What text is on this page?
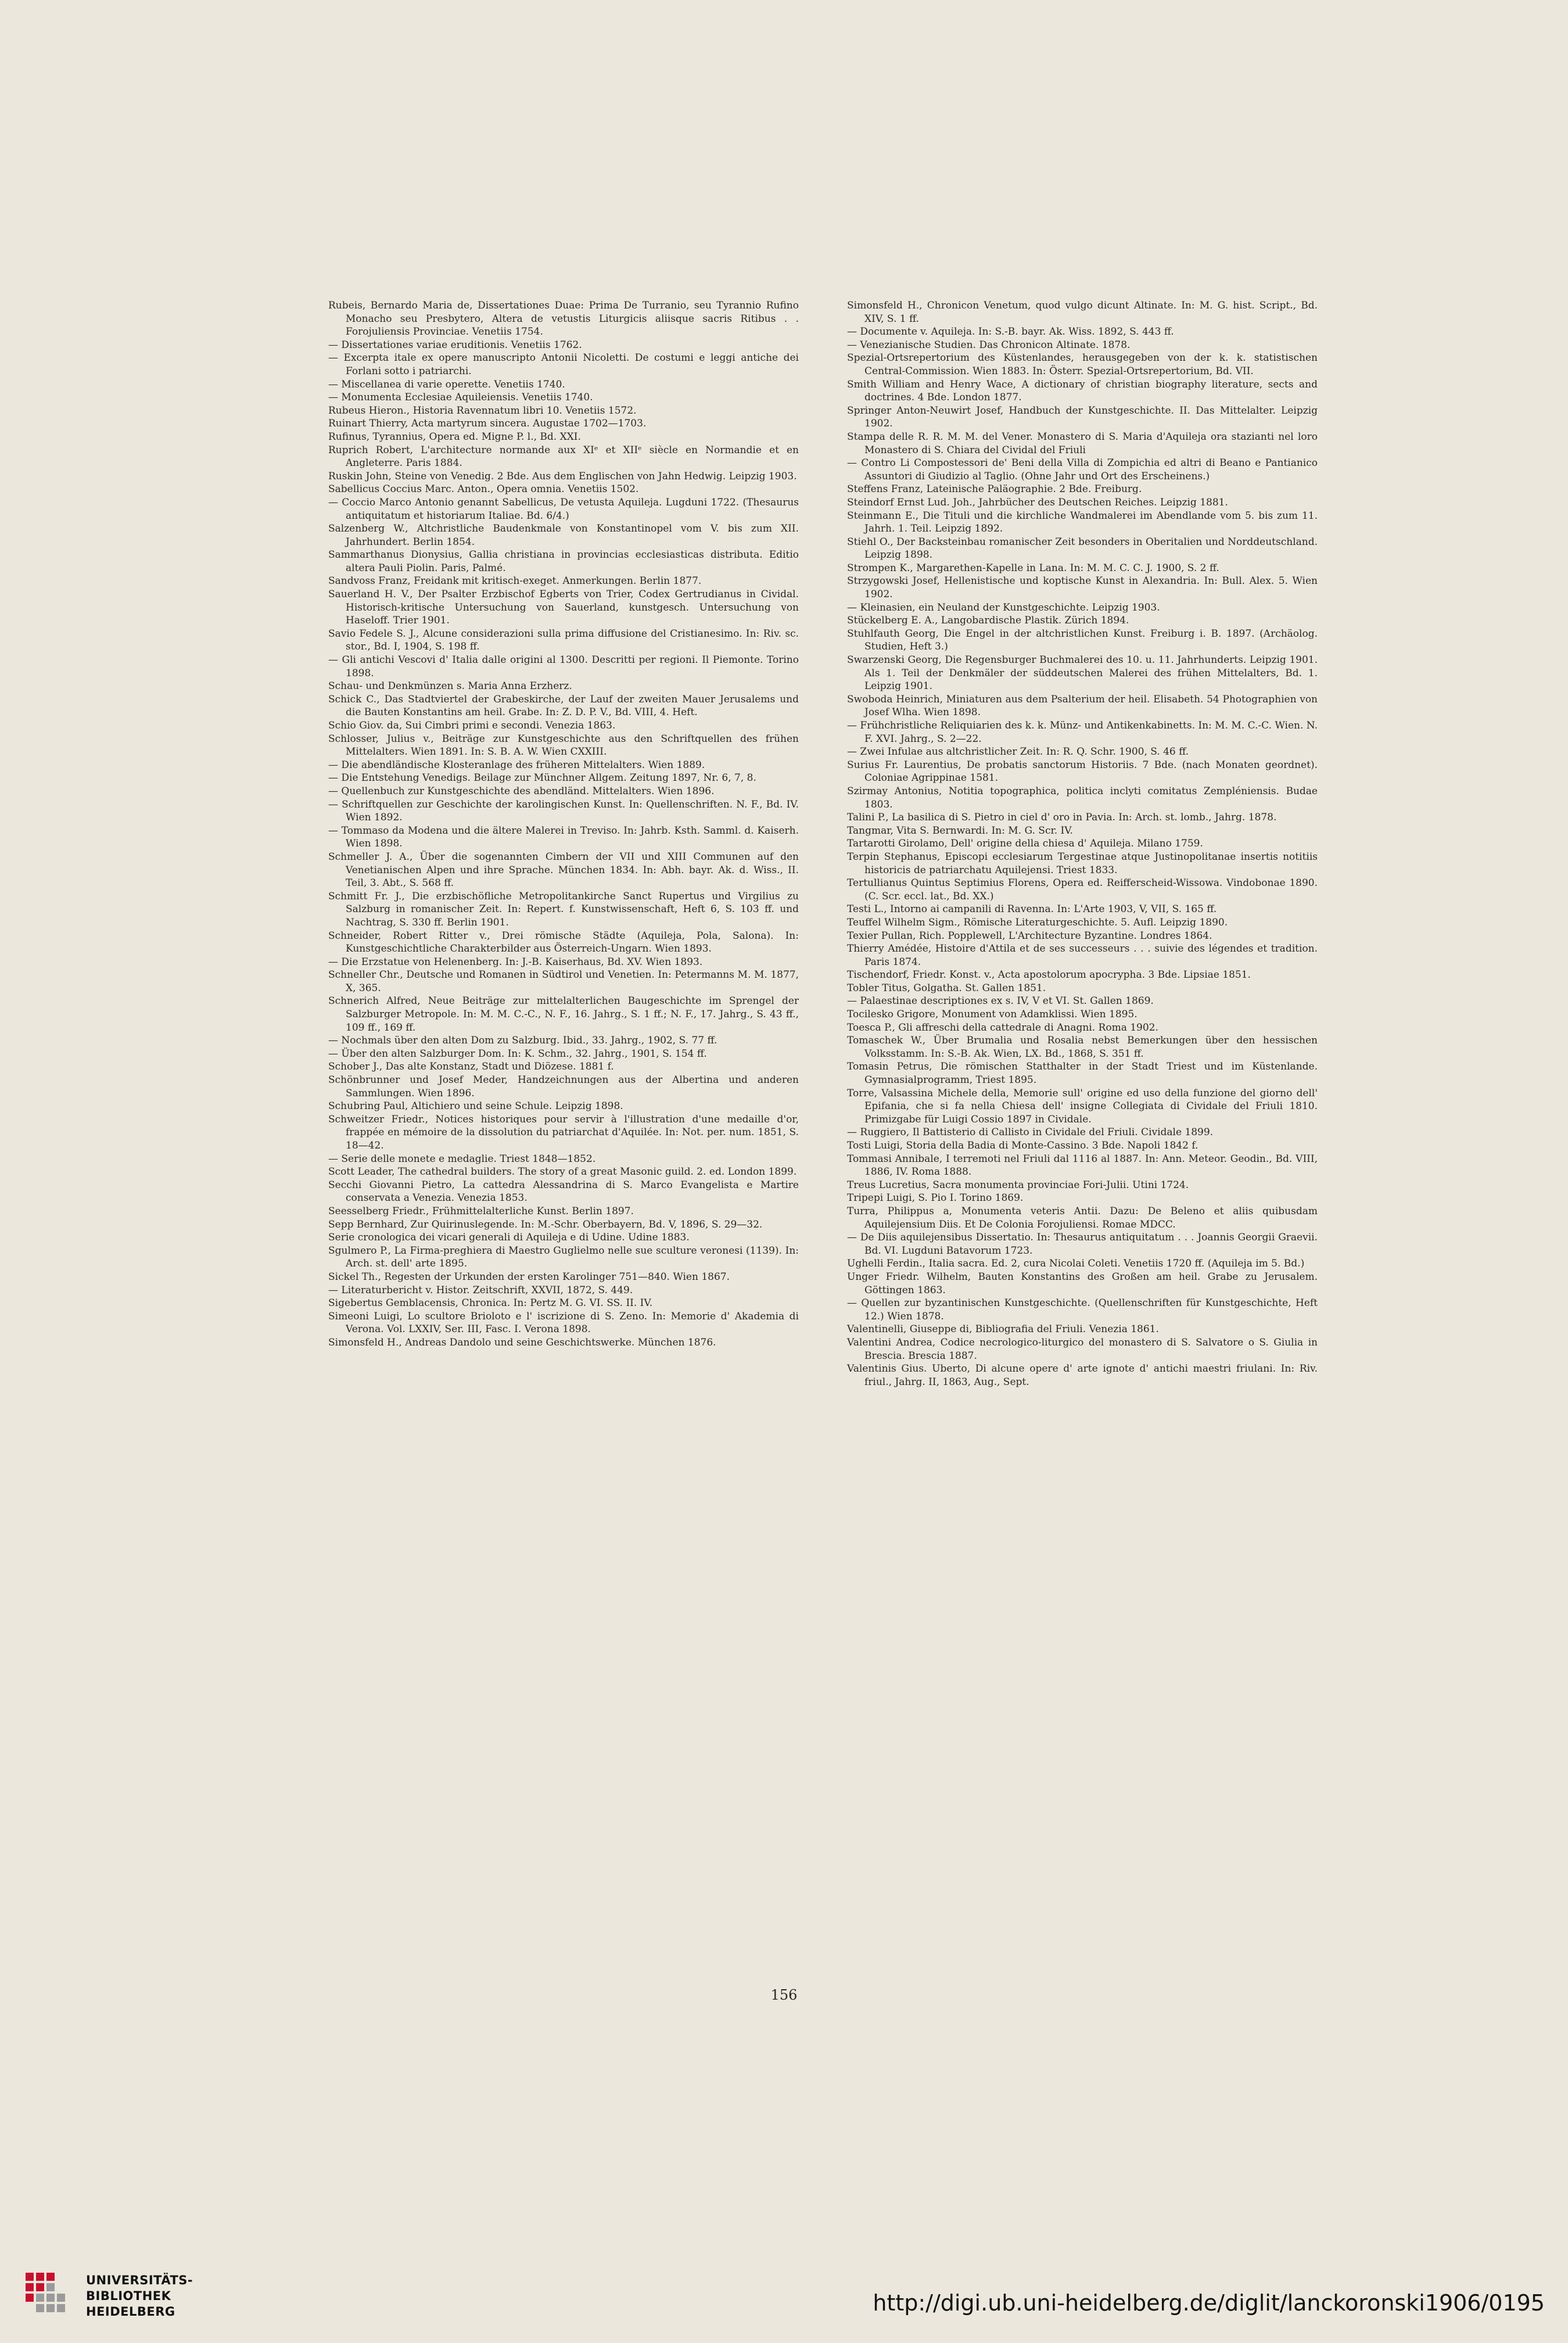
Rubeis, Bernardo Maria de, Dissertationes Duae: Prima De Turranio, seu Tyrannio Rufino Monacho seu Presbytero, Altera de vetustis Liturgicis aliisque sacris Ritibus . . Forojuliensis Provinciae. Venetiis 1754.

— Dissertationes variae eruditionis. Venetiis 1762.

— Excerpta itale ex opere manuscripto Antonii Nicoletti. De costumi e leggi antiche dei Forlani sotto i patriarchi.

— Miscellanea di varie operette. Venetiis 1740.

— Monumenta Ecclesiae Aquileiensis. Venetiis 1740.

Rubeus Hieron., Historia Ravennatum libri 10. Venetiis 1572.

Ruinart Thierry, Acta martyrum sincera. Augustae 1702—1703.

Rufinus, Tyrannius, Opera ed. Migne P. l., Bd. XXI.

Ruprich Robert, L'architecture normande aux XIᵉ et XIIᵉ siècle en Normandie et en Angleterre. Paris 1884.

Ruskin John, Steine von Venedig. 2 Bde. Aus dem Englischen von Jahn Hedwig. Leipzig 1903.

Sabellicus Coccius Marc. Anton., Opera omnia. Venetiis 1502.

— Coccio Marco Antonio genannt Sabellicus, De vetusta Aquileja. Lugduni 1722. (Thesaurus antiquitatum et historiarum Italiae. Bd. 6/4.)

Salzenberg W., Altchristliche Baudenkmale von Konstantinopel vom V. bis zum XII. Jahrhundert. Berlin 1854.

Sammarthanus Dionysius, Gallia christiana in provincias ecclesiasticas distributa. Editio altera Pauli Piolin. Paris, Palmé.

Sandvoss Franz, Freidank mit kritisch-exeget. Anmerkungen. Berlin 1877.

Sauerland H. V., Der Psalter Erzbischof Egberts von Trier, Codex Gertrudianus in Cividal. Historisch-kritische Untersuchung von Sauerland, kunstgesch. Untersuchung von Haseloff. Trier 1901.

Savio Fedele S. J., Alcune considerazioni sulla prima diffusione del Cristianesimo. In: Riv. sc. stor., Bd. I, 1904, S. 198 ff.

— Gli antichi Vescovi d' Italia dalle origini al 1300. Descritti per regioni. Il Piemonte. Torino 1898.

Schau- und Denkmünzen s. Maria Anna Erzherz.

Schick C., Das Stadtviertel der Grabeskirche, der Lauf der zweiten Mauer Jerusalems und die Bauten Konstantins am heil. Grabe. In: Z. D. P. V., Bd. VIII, 4. Heft.

Schio Giov. da, Sui Cimbri primi e secondi. Venezia 1863.

Schlosser, Julius v., Beiträge zur Kunstgeschichte aus den Schriftquellen des frühen Mittelalters. Wien 1891. In: S. B. A. W. Wien CXXIII.

— Die abendländische Klosteranlage des früheren Mittelalters. Wien 1889.

— Die Entstehung Venedigs. Beilage zur Münchner Allgem. Zeitung 1897, Nr. 6, 7, 8.

— Quellenbuch zur Kunstgeschichte des abendländ. Mittelalters. Wien 1896.

— Schriftquellen zur Geschichte der karolingischen Kunst. In: Quellenschriften. N. F., Bd. IV. Wien 1892.

— Tommaso da Modena und die ältere Malerei in Treviso. In: Jahrb. Ksth. Samml. d. Kaiserh. Wien 1898.

Schmeller J. A., Über die sogenannten Cimbern der VII und XIII Communen auf den Venetianischen Alpen und ihre Sprache. München 1834. In: Abh. bayr. Ak. d. Wiss., II. Teil, 3. Abt., S. 568 ff.

Schmitt Fr. J., Die erzbischöfliche Metropolitankirche Sanct Rupertus und Virgilius zu Salzburg in romanischer Zeit. In: Repert. f. Kunstwissenschaft, Heft 6, S. 103 ff. und Nachtrag, S. 330 ff. Berlin 1901.

Schneider, Robert Ritter v., Drei römische Städte (Aquileja, Pola, Salona). In: Kunstgeschichtliche Charakterbilder aus Österreich-Ungarn. Wien 1893.

— Die Erzstatue von Helenenberg. In: J.-B. Kaiserhaus, Bd. XV. Wien 1893.

Schneller Chr., Deutsche und Romanen in Südtirol und Venetien. In: Petermanns M. M. 1877, X, 365.

Schnerich Alfred, Neue Beiträge zur mittelalterlichen Baugeschichte im Sprengel der Salzburger Metropole. In: M. M. C.-C., N. F., 16. Jahrg., S. 1 ff.; N. F., 17. Jahrg., S. 43 ff., 109 ff., 169 ff.

— Nochmals über den alten Dom zu Salzburg. Ibid., 33. Jahrg., 1902, S. 77 ff.

— Über den alten Salzburger Dom. In: K. Schm., 32. Jahrg., 1901, S. 154 ff.

Schober J., Das alte Konstanz, Stadt und Diözese. 1881 f.

Schönbrunner und Josef Meder, Handzeichnungen aus der Albertina und anderen Sammlungen. Wien 1896.

Schubring Paul, Altichiero und seine Schule. Leipzig 1898.

Schweitzer Friedr., Notices historiques pour servir à l'illustration d'une medaille d'or, frappée en mémoire de la dissolution du patriarchat d'Aquilée. In: Not. per. num. 1851, S. 18—42.

— Serie delle monete e medaglie. Triest 1848—1852.

Scott Leader, The cathedral builders. The story of a great Masonic guild. 2. ed. London 1899.

Secchi Giovanni Pietro, La cattedra Alessandrina di S. Marco Evangelista e Martire conservata a Venezia. Venezia 1853.

Seesselberg Friedr., Frühmittelalterliche Kunst. Berlin 1897.

Sepp Bernhard, Zur Quirinuslegende. In: M.-Schr. Oberbayern, Bd. V, 1896, S. 29—32.

Serie cronologica dei vicari generali di Aquileja e di Udine. Udine 1883.

Sgulmero P., La Firma-preghiera di Maestro Guglielmo nelle sue sculture veronesi (1139). In: Arch. st. dell' arte 1895.

Sickel Th., Regesten der Urkunden der ersten Karolinger 751—840. Wien 1867.

— Literaturbericht v. Histor. Zeitschrift, XXVII, 1872, S. 449.

Sigebertus Gemblacensis, Chronica. In: Pertz M. G. VI. SS. II. IV.

Simeoni Luigi, Lo scultore Brioloto e l' iscrizione di S. Zeno. In: Memorie d' Akademia di Verona. Vol. LXXIV, Ser. III, Fasc. I. Verona 1898.

Simonsfeld H., Andreas Dandolo und seine Geschichtswerke. München 1876.

Simonsfeld H., Chronicon Venetum, quod vulgo dicunt Altinate. In: M. G. hist. Script., Bd. XIV, S. 1 ff.

— Documente v. Aquileja. In: S.-B. bayr. Ak. Wiss. 1892, S. 443 ff.

— Venezianische Studien. Das Chronicon Altinate. 1878.

Spezial-Ortsrepertorium des Küstenlandes, herausgegeben von der k. k. statistischen Central-Commission. Wien 1883. In: Österr. Spezial-Ortsrepertorium, Bd. VII.

Smith William and Henry Wace, A dictionary of christian biography literature, sects and doctrines. 4 Bde. London 1877.

Springer Anton-Neuwirt Josef, Handbuch der Kunstgeschichte. II. Das Mittelalter. Leipzig 1902.

Stampa delle R. R. M. M. del Vener. Monastero di S. Maria d'Aquileja ora stazianti nel loro Monastero di S. Chiara del Cividal del Friuli

— Contro Li Compostessori de' Beni della Villa di Zompichia ed altri di Beano e Pantianico Assuntori di Giudizio al Taglio. (Ohne Jahr und Ort des Erscheinens.)

Steffens Franz, Lateinische Paläographie. 2 Bde. Freiburg.

Steindorf Ernst Lud. Joh., Jahrbücher des Deutschen Reiches. Leipzig 1881.

Steinmann E., Die Tituli und die kirchliche Wandmalerei im Abendlande vom 5. bis zum 11. Jahrh. 1. Teil. Leipzig 1892.

Stiehl O., Der Backsteinbau romanischer Zeit besonders in Oberitalien und Norddeutschland. Leipzig 1898.

Strompen K., Margarethen-Kapelle in Lana. In: M. M. C. C. J. 1900, S. 2 ff.

Strzygowski Josef, Hellenistische und koptische Kunst in Alexandria. In: Bull. Alex. 5. Wien 1902.

— Kleinasien, ein Neuland der Kunstgeschichte. Leipzig 1903.

Stückelberg E. A., Langobardische Plastik. Zürich 1894.

Stuhlfauth Georg, Die Engel in der altchristlichen Kunst. Freiburg i. B. 1897. (Archäolog. Studien, Heft 3.)

Swarzenski Georg, Die Regensburger Buchmalerei des 10. u. 11. Jahrhunderts. Leipzig 1901. Als 1. Teil der Denkmäler der süddeutschen Malerei des frühen Mittelalters, Bd. 1. Leipzig 1901.

Swoboda Heinrich, Miniaturen aus dem Psalterium der heil. Elisabeth. 54 Photographien von Josef Wlha. Wien 1898.

— Frühchristliche Reliquiarien des k. k. Münz- und Antikenkabinetts. In: M. M. C.-C. Wien. N. F. XVI. Jahrg., S. 2—22.

— Zwei Infulae aus altchristlicher Zeit. In: R. Q. Schr. 1900, S. 46 ff.

Surius Fr. Laurentius, De probatis sanctorum Historiis. 7 Bde. (nach Monaten geordnet). Coloniae Agrippinae 1581.

Szirmay Antonius, Notitia topographica, politica inclyti comitatus Zempléniensis. Budae 1803.

Talini P., La basilica di S. Pietro in ciel d' oro in Pavia. In: Arch. st. lomb., Jahrg. 1878.

Tangmar, Vita S. Bernwardi. In: M. G. Scr. IV.

Tartarotti Girolamo, Dell' origine della chiesa d' Aquileja. Milano 1759.

Terpin Stephanus, Episcopi ecclesiarum Tergestinae atque Justinopolitanae insertis notitiis historicis de patriarchatu Aquilejensi. Triest 1833.

Tertullianus Quintus Septimius Florens, Opera ed. Reifferscheid-Wissowa. Vindobonae 1890. (C. Scr. eccl. lat., Bd. XX.)

Testi L., Intorno ai campanili di Ravenna. In: L'Arte 1903, V, VII, S. 165 ff.

Teuffel Wilhelm Sigm., Römische Literaturgeschichte. 5. Aufl. Leipzig 1890.

Texier Pullan, Rich. Popplewell, L'Architecture Byzantine. Londres 1864.

Thierry Amédée, Histoire d'Attila et de ses successeurs . . . suivie des légendes et tradition. Paris 1874.

Tischendorf, Friedr. Konst. v., Acta apostolorum apocrypha. 3 Bde. Lipsiae 1851.

Tobler Titus, Golgatha. St. Gallen 1851.

— Palaestinae descriptiones ex s. IV, V et VI. St. Gallen 1869.

Tocilesko Grigore, Monument von Adamklissi. Wien 1895.

Toesca P., Gli affreschi della cattedrale di Anagni. Roma 1902.

Tomaschek W., Über Brumalia und Rosalia nebst Bemerkungen über den hessischen Volksstamm. In: S.-B. Ak. Wien, LX. Bd., 1868, S. 351 ff.

Tomasin Petrus, Die römischen Statthalter in der Stadt Triest und im Küstenlande. Gymnasialprogramm, Triest 1895.

Torre, Valsassina Michele della, Memorie sull' origine ed uso della funzione del giorno dell' Epifania, che si fa nella Chiesa dell' insigne Collegiata di Cividale del Friuli 1810. Primizgabe für Luigi Cossio 1897 in Cividale.

— Ruggiero, Il Battisterio di Callisto in Cividale del Friuli. Cividale 1899.

Tosti Luigi, Storia della Badia di Monte-Cassino. 3 Bde. Napoli 1842 f.

Tommasi Annibale, I terremoti nel Friuli dal 1116 al 1887. In: Ann. Meteor. Geodin., Bd. VIII, 1886, IV. Roma 1888.

Treus Lucretius, Sacra monumenta provinciae Fori-Julii. Utini 1724.

Tripepi Luigi, S. Pio I. Torino 1869.

Turra, Philippus a, Monumenta veteris Antii. Dazu: De Beleno et aliis quibusdam Aquilejensium Diis. Et De Colonia Forojuliensi. Romae MDCC.

— De Diis aquilejensibus Dissertatio. In: Thesaurus antiquitatum . . . Joannis Georgii Graevii. Bd. VI. Lugduni Batavorum 1723.

Ughelli Ferdin., Italia sacra. Ed. 2, cura Nicolai Coleti. Venetiis 1720 ff. (Aquileja im 5. Bd.)

Unger Friedr. Wilhelm, Bauten Konstantins des Großen am heil. Grabe zu Jerusalem. Göttingen 1863.

— Quellen zur byzantinischen Kunstgeschichte. (Quellenschriften für Kunstgeschichte, Heft 12.) Wien 1878.

Valentinelli, Giuseppe di, Bibliografia del Friuli. Venezia 1861.

Valentini Andrea, Codice necrologico-liturgico del monastero di S. Salvatore o S. Giulia in Brescia. Brescia 1887.

Valentinis Gius. Uberto, Di alcune opere d' arte ignote d' antichi maestri friulani. In: Riv. friul., Jahrg. II, 1863, Aug., Sept.

156
UNIVERSITÄTS-
BIBLIOTHEK
HEIDELBERG	http://digi.ub.uni-heidelberg.de/diglit/lanckoronski1906/0195
